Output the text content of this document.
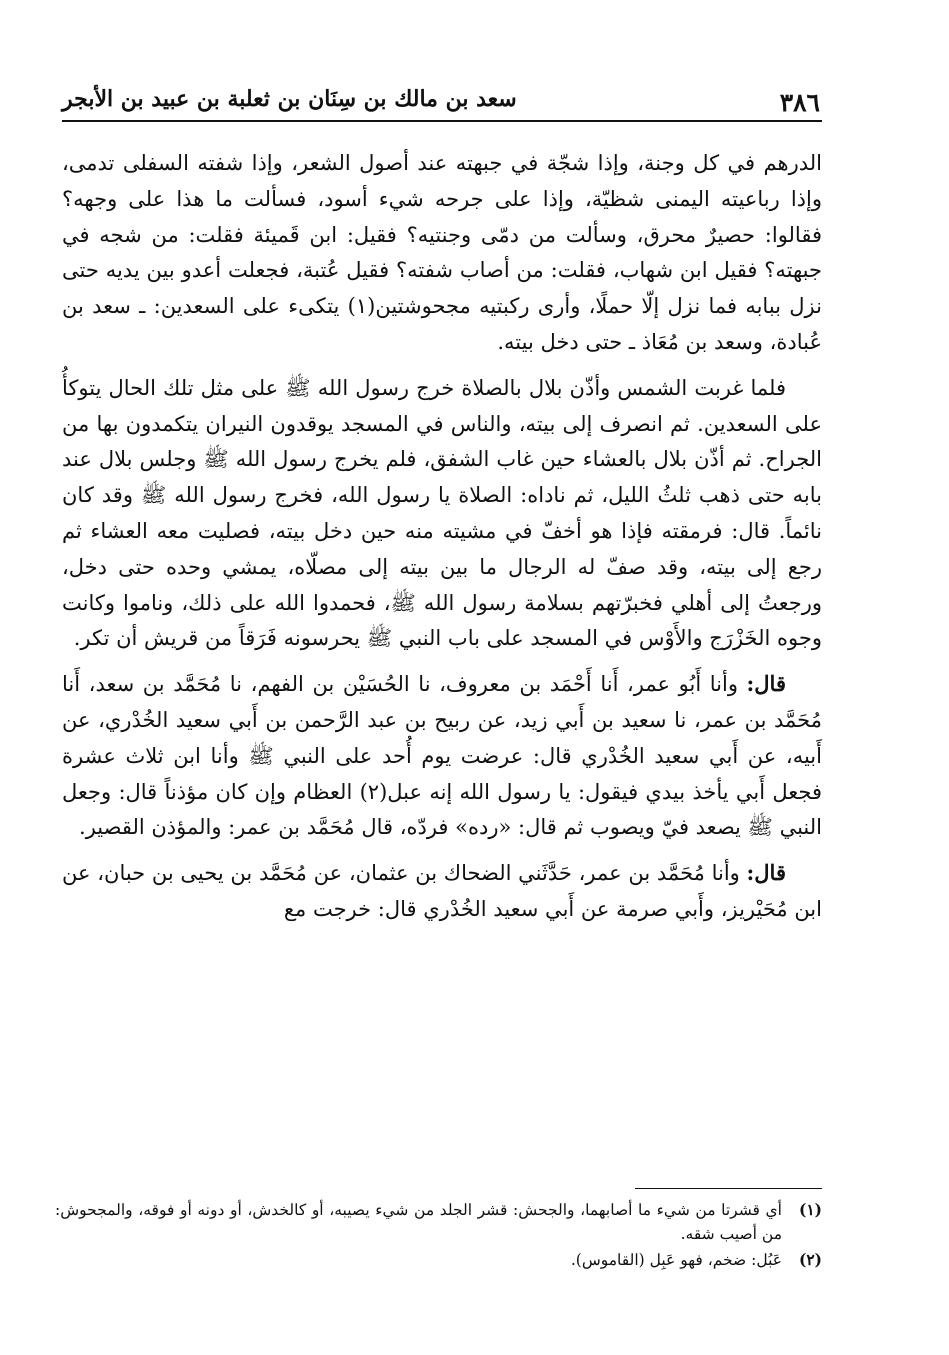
٣٨٦
سعد بن مالك بن سِنَان بن ثعلبة بن عبيد بن الأبجر

الدرهم في كل وجنة، وإذا شجّة في جبهته عند أصول الشعر، وإذا شفته السفلى تدمى، وإذا رباعيته اليمنى شظيّة، وإذا على جرحه شيء أسود، فسألت ما هذا على وجهه؟ فقالوا: حصيرٌ محرق، وسألت من دمّى وجنتيه؟ فقيل: ابن قَميئة فقلت: من شجه في جبهته؟ فقيل ابن شهاب، فقلت: من أصاب شفته؟ فقيل عُتبة، فجعلت أعدو بين يديه حتى نزل ببابه فما نزل إلّا حملًا، وأرى ركبتيه مجحوشتين(١) يتكىء على السعدين: ـ سعد بن عُبادة، وسعد بن مُعَاذ ـ حتى دخل بيته.

فلما غربت الشمس وأذّن بلال بالصلاة خرج رسول الله ﷺ على مثل تلك الحال يتوكأُ على السعدين. ثم انصرف إلى بيته، والناس في المسجد يوقدون النيران يتكمدون بها من الجراح. ثم أذّن بلال بالعشاء حين غاب الشفق، فلم يخرج رسول الله ﷺ وجلس بلال عند بابه حتى ذهب ثلثُ الليل، ثم ناداه: الصلاة يا رسول الله، فخرج رسول الله ﷺ وقد كان نائماً. قال: فرمقته فإذا هو أخفّ في مشيته منه حين دخل بيته، فصليت معه العشاء ثم رجع إلى بيته، وقد صفّ له الرجال ما بين بيته إلى مصلّاه، يمشي وحده حتى دخل، ورجعتُ إلى أهلي فخبرّتهم بسلامة رسول الله ﷺ، فحمدوا الله على ذلك، وناموا وكانت وجوه الخَزْرَج والأَوْس في المسجد على باب النبي ﷺ يحرسونه فَرَقاً من قريش أن تكر.

قال: وأنا أَبُو عمر، أَنا أَحْمَد بن معروف، نا الحُسَيْن بن الفهم، نا مُحَمَّد بن سعد، أَنا مُحَمَّد بن عمر، نا سعيد بن أَبي زيد، عن ربيح بن عبد الرَّحمن بن أَبي سعيد الخُدْري، عن أَبيه، عن أَبي سعيد الخُدْري قال: عرضت يوم أُحد على النبي ﷺ وأنا ابن ثلاث عشرة فجعل أَبي يأخذ بيدي فيقول: يا رسول الله إنه عبل(٢) العظام وإن كان مؤذناً قال: وجعل النبي ﷺ يصعد فيّ ويصوب ثم قال: «رده» فردّه، قال مُحَمَّد بن عمر: والمؤذن القصير.

قال: وأنا مُحَمَّد بن عمر، حَدَّثَني الضحاك بن عثمان، عن مُحَمَّد بن يحيى بن حبان، عن ابن مُحَيْريز، وأَبي صرمة عن أَبي سعيد الخُدْري قال: خرجت مع

(١)أي قشرتا من شيء ما أصابهما، والجحش: قشر الجلد من شيء يصيبه، أو كالخدش، أو دونه أو فوقه، والمجحوش: من أصيب شقه.

(٢)عَبُل: ضخم، فهو عَبِل (القاموس).
